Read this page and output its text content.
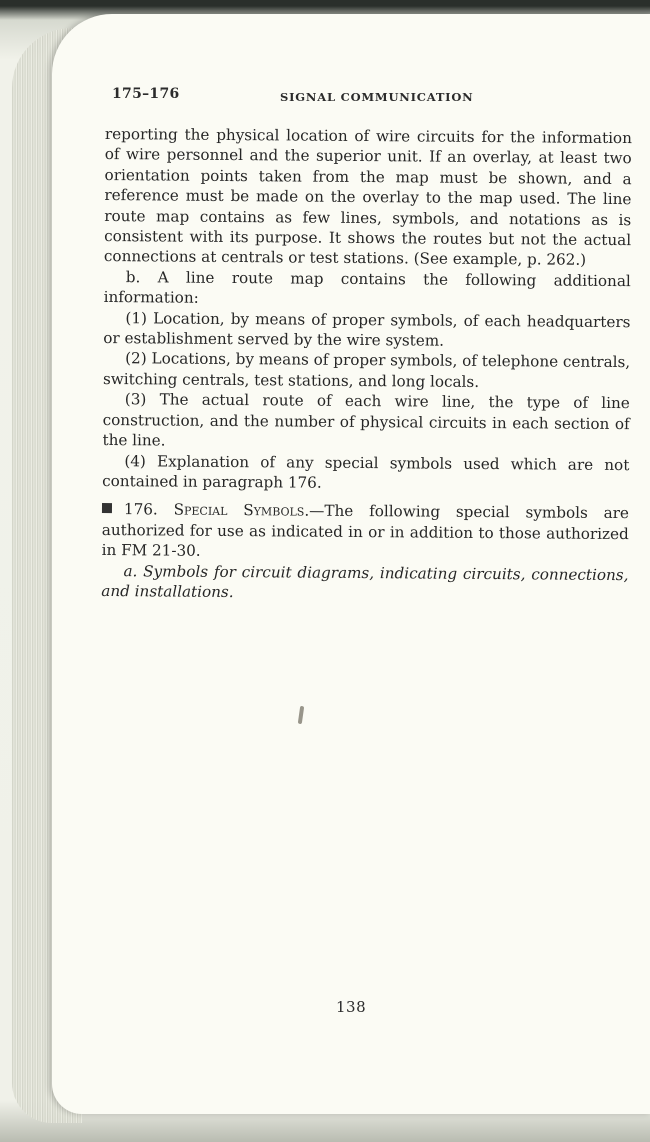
175–176	SIGNAL COMMUNICATION

reporting the physical location of wire circuits for the information of wire personnel and the superior unit. If an overlay, at least two orientation points taken from the map must be shown, and a reference must be made on the overlay to the map used. The line route map contains as few lines, symbols, and notations as is consistent with its purpose. It shows the routes but not the actual connections at centrals or test stations. (See example, p. 262.)

b. A line route map contains the following additional information:

(1) Location, by means of proper symbols, of each headquarters or establishment served by the wire system.

(2) Locations, by means of proper symbols, of telephone centrals, switching centrals, test stations, and long locals.

(3) The actual route of each wire line, the type of line construction, and the number of physical circuits in each section of the line.

(4) Explanation of any special symbols used which are not contained in paragraph 176.

176. Special Symbols.—The following special symbols are authorized for use as indicated in or in addition to those authorized in FM 21-30.

a. Symbols for circuit diagrams, indicating circuits, connections, and installations.

138
